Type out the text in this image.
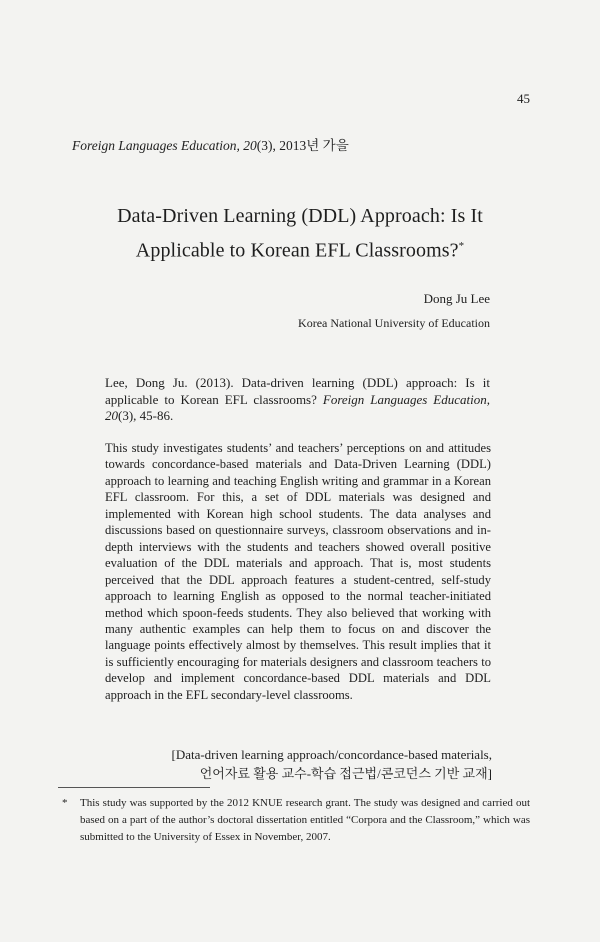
45
Foreign Languages Education, 20(3), 2013년 가을
Data-Driven Learning (DDL) Approach: Is It
Applicable to Korean EFL Classrooms?*
Dong Ju Lee
Korea National University of Education
Lee, Dong Ju. (2013). Data-driven learning (DDL) approach: Is it applicable to Korean EFL classrooms? Foreign Languages Education, 20(3), 45-86.
This study investigates students’ and teachers’ perceptions on and attitudes towards concordance-based materials and Data-Driven Learning (DDL) approach to learning and teaching English writing and grammar in a Korean EFL classroom. For this, a set of DDL materials was designed and implemented with Korean high school students. The data analyses and discussions based on questionnaire surveys, classroom observations and in-depth interviews with the students and teachers showed overall positive evaluation of the DDL materials and approach. That is, most students perceived that the DDL approach features a student-centred, self-study approach to learning English as opposed to the normal teacher-initiated method which spoon-feeds students. They also believed that working with many authentic examples can help them to focus on and discover the language points effectively almost by themselves. This result implies that it is sufficiently encouraging for materials designers and classroom teachers to develop and implement concordance-based DDL materials and DDL approach in the EFL secondary-level classrooms.
[Data-driven learning approach/concordance-based materials,
언어자료 활용 교수-학습 접근법/콘코던스 기반 교재]
*	This study was supported by the 2012 KNUE research grant. The study was designed and carried out based on a part of the author’s doctoral dissertation entitled “Corpora and the Classroom,” which was submitted to the University of Essex in November, 2007.
